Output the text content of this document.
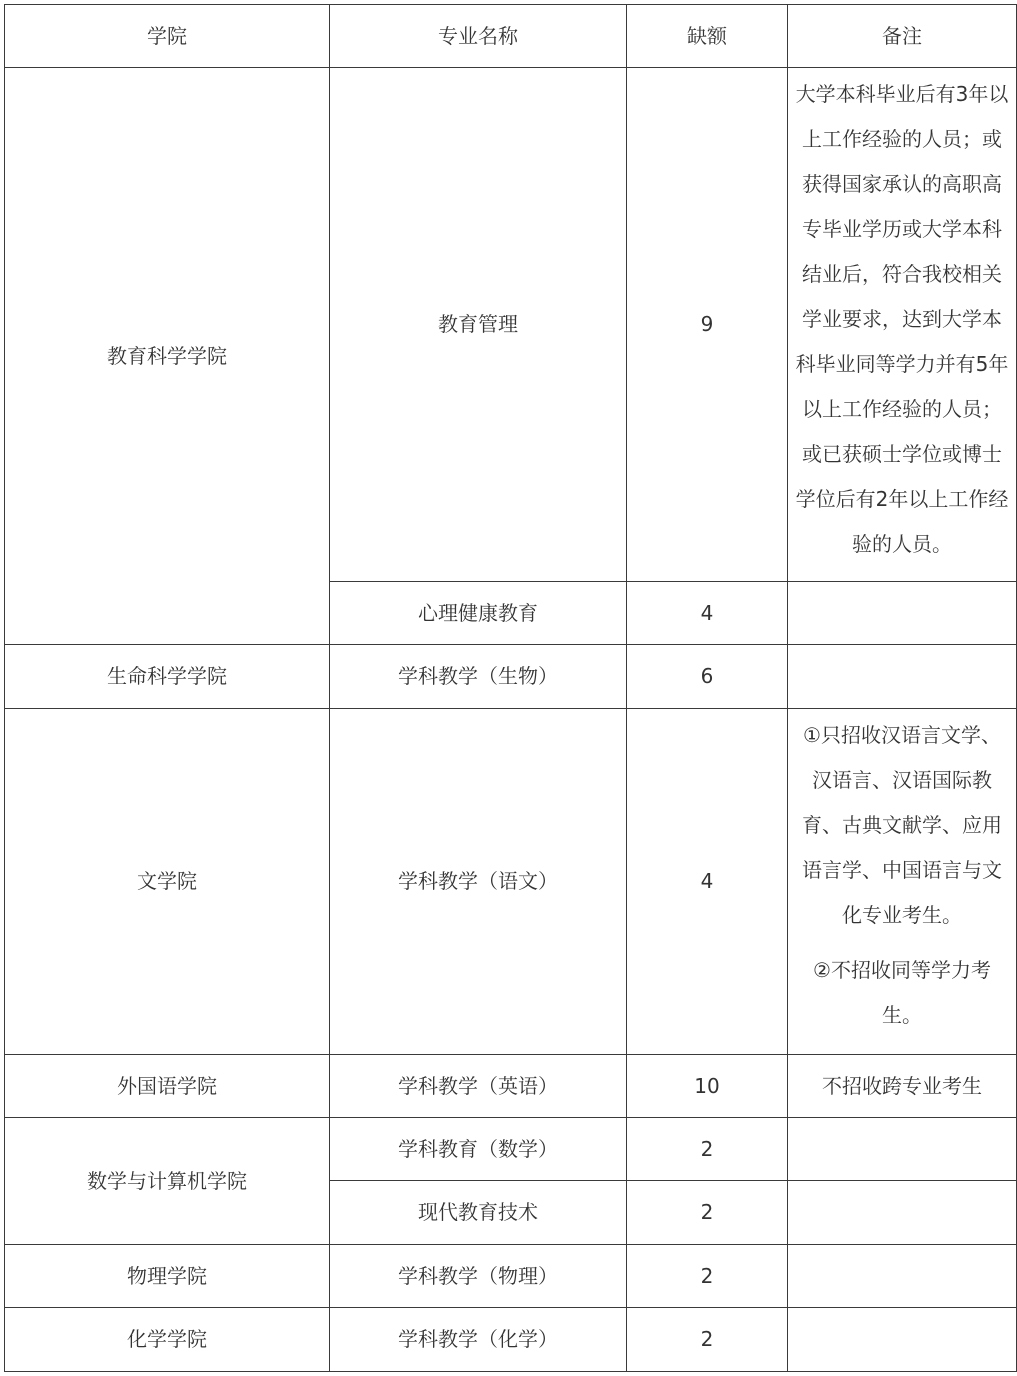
学院	专业名称	缺额	备注
教育科学学院	教育管理	9	大学本科毕业后有3年以上工作经验的人员；或获得国家承认的高职高专毕业学历或大学本科结业后，符合我校相关学业要求，达到大学本科毕业同等学力并有5年以上工作经验的人员；或已获硕士学位或博士学位后有2年以上工作经验的人员。

	心理健康教育	4	
生命科学学院	学科教学（生物）	6	
文学院	学科教学（语文）	4	①只招收汉语言文学、汉语言、汉语国际教育、古典文献学、应用语言学、中国语言与文化专业考生。
②不招收同等学力考生。

外国语学院	学科教学（英语）	10	不招收跨专业考生
数学与计算机学院	学科教育（数学）	2	
	现代教育技术	2	
物理学院	学科教学（物理）	2	
化学学院	学科教学（化学）	2	
